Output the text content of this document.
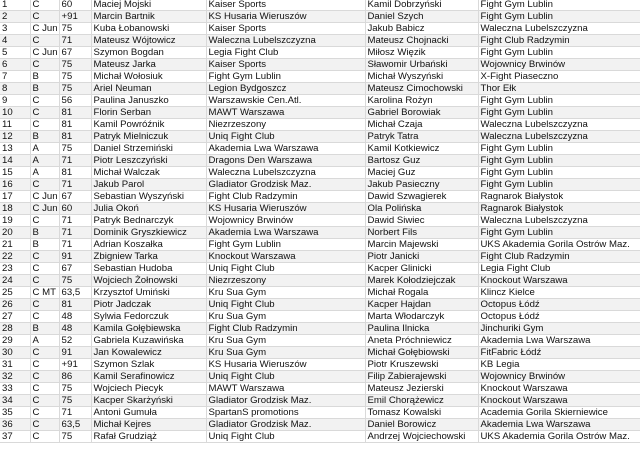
1	C	60	Maciej Mojski	Kaiser Sports	Kamil Dobrzyński	Fight Gym Lublin
2	C	+91	Marcin Bartnik	KS Husaria Wieruszów	Daniel Szych	Fight Gym Lublin
3	C Jun	75	Kuba Łobanowski	Kaiser Sports	Jakub Babicz	Waleczna Lubelszczyzna
4	C	71	Mateusz Wójtowicz	Waleczna Lubelszczyzna	Mateusz Chojnacki	Fight Club Radzymin
5	C Jun	67	Szymon Bogdan	Legia Fight Club	Miłosz Więzik	Fight Gym Lublin
6	C	75	Mateusz Jarka	Kaiser Sports	Sławomir Urbański	Wojownicy Brwinów
7	B	75	Michał Wołosiuk	Fight Gym Lublin	Michał Wyszyński	X-Fight Piaseczno
8	B	75	Ariel Neuman	Legion Bydgoszcz	Mateusz Cimochowski	Thor Ełk
9	C	56	Paulina Januszko	Warszawskie Cen.Atl.	Karolina Rożyn	Fight Gym Lublin
10	C	81	Florin Serban	MAWT Warszawa	Gabriel Borowiak	Fight Gym Lublin
11	C	81	Kamil Powróźnik	Niezrzeszony	Michał Czaja	Waleczna Lubelszczyzna
12	B	81	Patryk Mielniczuk	Uniq Fight Club	Patryk Tatra	Waleczna Lubelszczyzna
13	A	75	Daniel Strzemiński	Akademia Lwa Warszawa	Kamil Kotkiewicz	Fight Gym Lublin
14	A	71	Piotr Leszczyński	Dragons Den Warszawa	Bartosz Guz	Fight Gym Lublin
15	A	81	Michał Walczak	Waleczna Lubelszczyzna	Maciej Guz	Fight Gym Lublin
16	C	71	Jakub Parol	Gladiator Grodzisk Maz.	Jakub Pasieczny	Fight Gym Lublin
17	C Jun	67	Sebastian Wyszyński	Fight Club Radzymin	Dawid Szwagierek	Ragnarok Białystok
18	C Jun	60	Julia Okoń	KS Husaria Wieruszów	Ola Polińska	Ragnarok Białystok
19	C	71	Patryk Bednarczyk	Wojownicy Brwinów	Dawid Siwiec	Waleczna Lubelszczyzna
20	B	71	Dominik Gryszkiewicz	Akademia Lwa Warszawa	Norbert Fils	Fight Gym Lublin
21	B	71	Adrian Koszałka	Fight Gym Lublin	Marcin Majewski	UKS Akademia Gorila Ostrów Maz.
22	C	91	Zbigniew Tarka	Knockout Warszawa	Piotr Janicki	Fight Club Radzymin
23	C	67	Sebastian Hudoba	Uniq Fight Club	Kacper Glinicki	Legia Fight Club
24	C	75	Wojciech Żołnowski	Niezrzeszony	Marek Kołodziejczak	Knockout Warszawa
25	C MT	63,5	Krzysztof Umiński	Kru Sua Gym	Michał Rogala	Klincz Kielce
26	C	81	Piotr Jadczak	Uniq Fight Club	Kacper Hajdan	Octopus Łódź
27	C	48	Sylwia Fedorczuk	Kru Sua Gym	Marta Włodarczyk	Octopus Łódź
28	B	48	Kamila Gołębiewska	Fight Club Radzymin	Paulina Ilnicka	Jinchuriki Gym
29	A	52	Gabriela Kuzawińska	Kru Sua Gym	Aneta Próchniewicz	Akademia Lwa Warszawa
30	C	91	Jan Kowalewicz	Kru Sua Gym	Michał Gołębiowski	FitFabric Łódź
31	C	+91	Szymon Szlak	KS Husaria Wieruszów	Piotr Kruszewski	KB Legia
32	C	86	Kamil Serafinowicz	Uniq Fight Club	Filip Zabierajewski	Wojownicy Brwinów
33	C	75	Wojciech Piecyk	MAWT Warszawa	Mateusz Jezierski	Knockout Warszawa
34	C	75	Kacper Skarżyński	Gladiator Grodzisk Maz.	Emil Chorążewicz	Knockout Warszawa
35	C	71	Antoni Gumuła	SpartanS promotions	Tomasz Kowalski	Academia Gorila Skierniewice
36	C	63,5	Michał Kejres	Gladiator Grodzisk Maz.	Daniel Borowicz	Akademia Lwa Warszawa
37	C	75	Rafał Grudziąż	Uniq Fight Club	Andrzej Wojciechowski	UKS Akademia Gorila Ostrów Maz.
